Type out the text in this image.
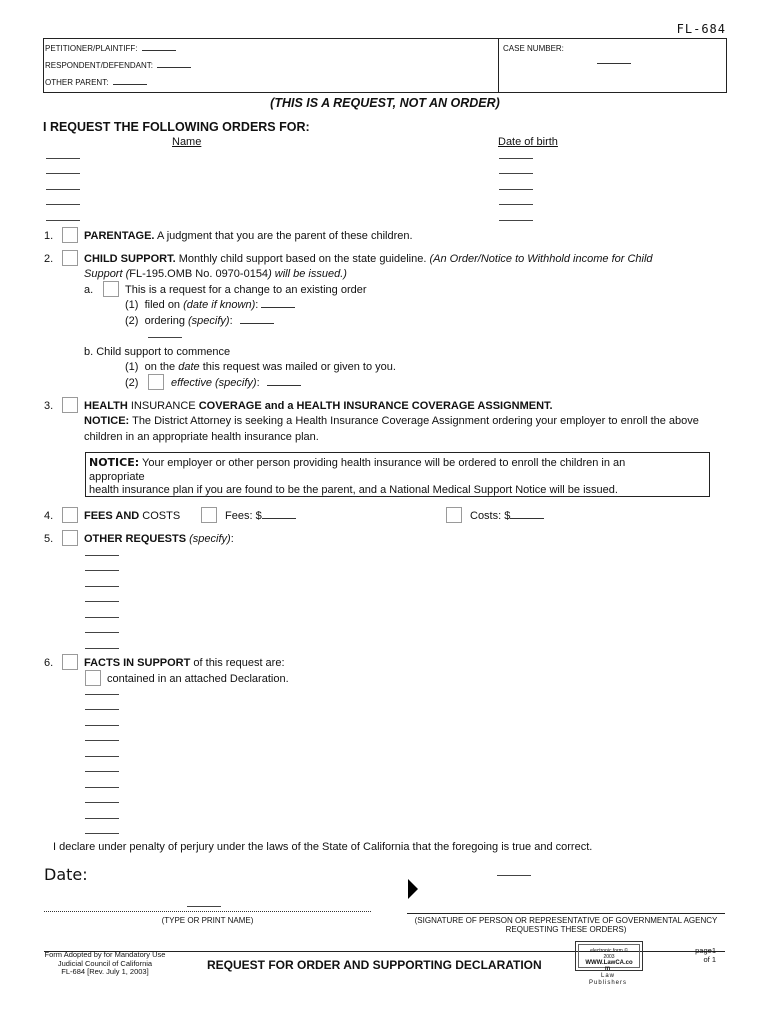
FL-684
PETITIONER/PLAINTIFF:
RESPONDENT/DEFENDANT:
OTHER PARENT:
CASE NUMBER:
(THIS IS A REQUEST, NOT AN ORDER)
I REQUEST THE FOLLOWING ORDERS FOR:
Name	Date of birth
1.	PARENTAGE. A judgment that you are the parent of these children.
2.	CHILD SUPPORT. Monthly child support based on the state guideline. (An Order/Notice to Withhold income for Child
Support (FL-195.OMB No. 0970-0154) will be issued.)
a.	This is a request for a change to an existing order
(1) filed on (date if known):
(2) ordering (specify):
b. Child support to commence
(1) on the date this request was mailed or given to you.
(2)	effective (specify):
3.	HEALTH INSURANCE COVERAGE and a HEALTH INSURANCE COVERAGE ASSIGNMENT.
NOTICE: The District Attorney is seeking a Health Insurance Coverage Assignment ordering your employer to enroll the above
children in an appropriate health insurance plan.
NOTICE: Your employer or other person providing health insurance will be ordered to enroll the children in an
appropriate
health insurance plan if you are found to be the parent, and a National Medical Support Notice will be issued.
4.	FEES AND COSTS	Fees: $	Costs: $
5.	OTHER REQUESTS (specify):
6.	FACTS IN SUPPORT of this request are:
contained in an attached Declaration.
I declare under penalty of perjury under the laws of the State of California that the foregoing is true and correct.
Date:
(TYPE OR PRINT NAME)	(SIGNATURE OF PERSON OR REPRESENTATIVE OF GOVERNMENTAL AGENCY
REQUESTING THESE ORDERS)
Form Adopted by for Mandatory Use
Judicial Council of California
FL-684 [Rev. July 1, 2003]	REQUEST FOR ORDER AND SUPPORTING DECLARATION
electronic form ©
2003
WWW.LawCA.co
m
Law
Publishers
page1
of 1
